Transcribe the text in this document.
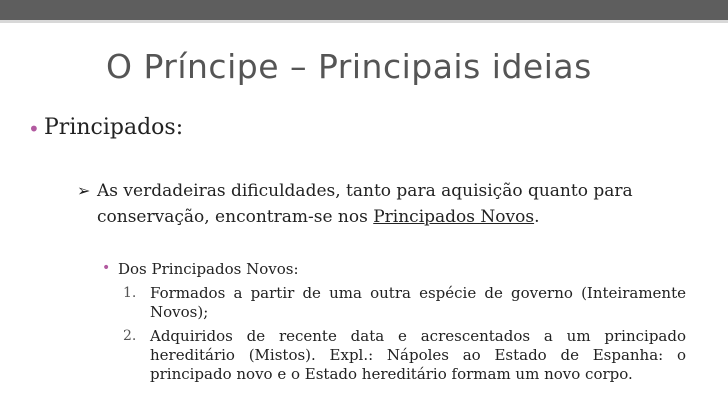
O Príncipe – Principais ideias
• Principados:
➢ As verdadeiras dificuldades, tanto para aquisição quanto para conservação, encontram-se nos Principados Novos.
• Dos Principados Novos:
1. Formados a partir de uma outra espécie de governo (Inteiramente Novos);
2. Adquiridos de recente data e acrescentados a um principado hereditário (Mistos). Expl.: Nápoles ao Estado de Espanha: o principado novo e o Estado hereditário formam um novo corpo.
